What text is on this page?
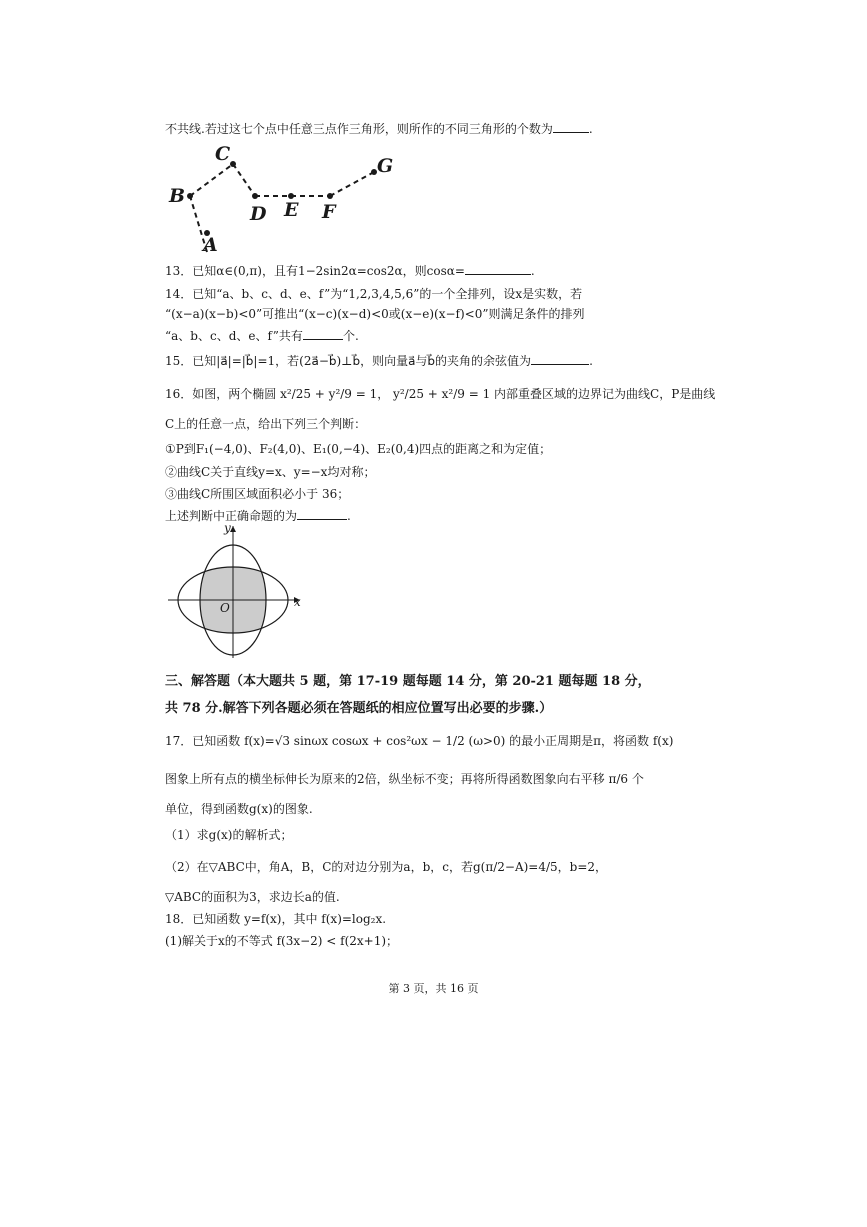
不共线.若过这七个点中任意三点作三角形，则所作的不同三角形的个数为	.
A
B
C
D E F
G
13．已知α∈(0,π)，且有1−2sin2α=cos2α，则cosα=	.
14．已知“a、b、c、d、e、f”为“1,2,3,4,5,6”的一个全排列，设x是实数，若
“(x−a)(x−b)<0”可推出“(x−c)(x−d)<0或(x−e)(x−f)<0”则满足条件的排列
“a、b、c、d、e、f”共有	个.
15．已知|a⃗|=|b⃗|=1，若(2a⃗−b⃗)⊥b⃗，则向量a⃗与b⃗的夹角的余弦值为	.
16．如图，两个椭圆 x²/25 + y²/9 = 1， y²/25 + x²/9 = 1 内部重叠区域的边界记为曲线C，P是曲线
C上的任意一点，给出下列三个判断：
①P到F₁(−4,0)、F₂(4,0)、E₁(0,−4)、E₂(0,4)四点的距离之和为定值；
②曲线C关于直线y=x、y=−x均对称；
③曲线C所围区域面积必小于 36；
上述判断中正确命题的为	.
x
y
O
三、解答题（本大题共 5 题，第 17-19 题每题 14 分，第 20-21 题每题 18 分，
共 78 分.解答下列各题必须在答题纸的相应位置写出必要的步骤.）
17．已知函数 f(x)=√3 sinωx cosωx + cos²ωx − 1/2 (ω>0) 的最小正周期是π，将函数 f(x)
图象上所有点的横坐标伸长为原来的2倍，纵坐标不变；再将所得函数图象向右平移 π/6 个
单位，得到函数g(x)的图象.
（1）求g(x)的解析式；
（2）在▽ABC中，角A，B，C的对边分别为a，b，c，若g(π/2−A)=4/5，b=2，
▽ABC的面积为3，求边长a的值.
18．已知函数 y=f(x)，其中 f(x)=log₂x.
(1)解关于x的不等式 f(3x−2) < f(2x+1)；
第 3 页，共 16 页
